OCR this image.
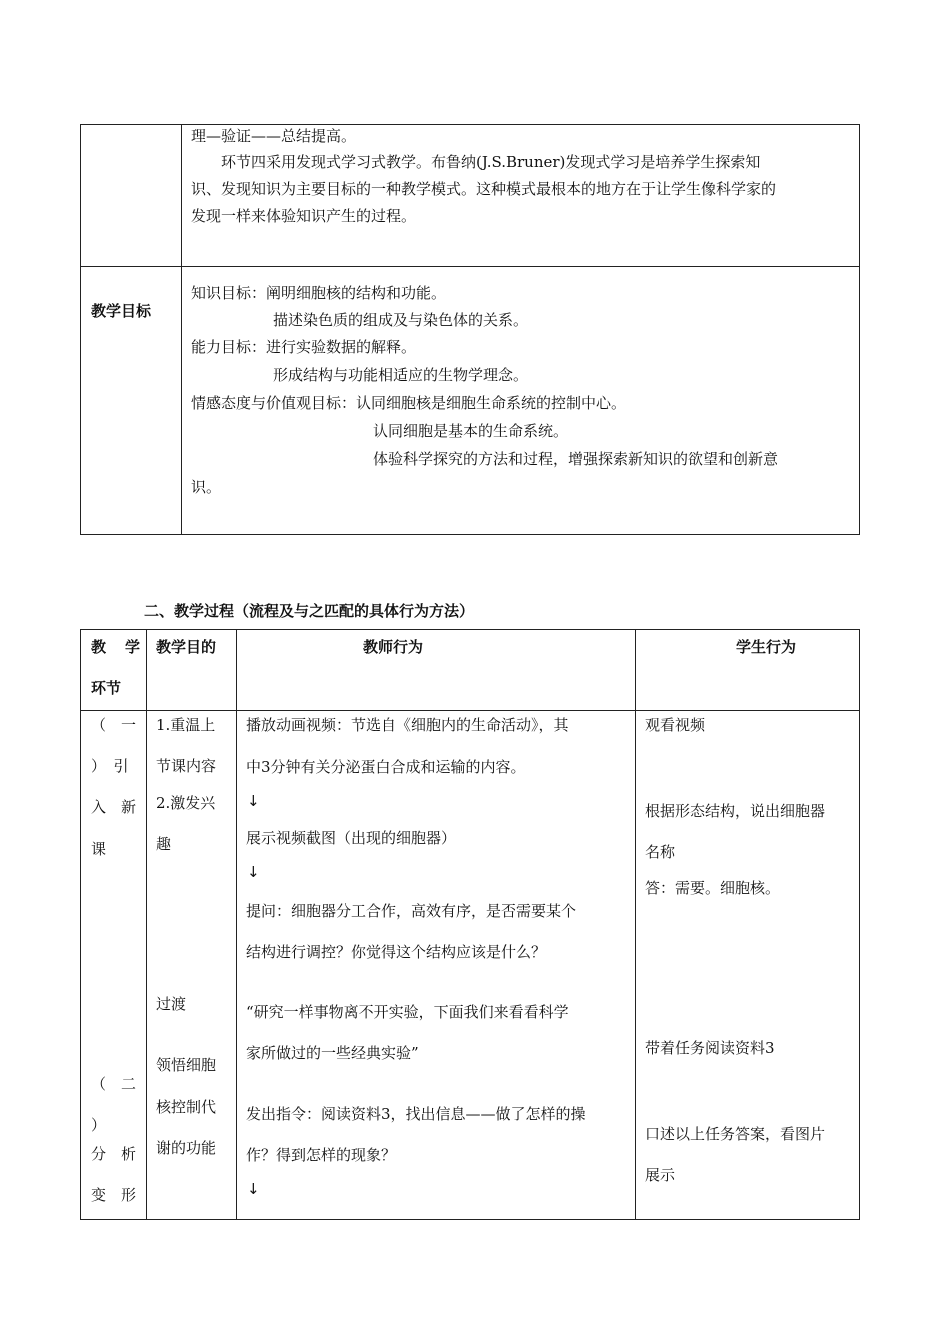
理—验证——总结提高。
环节四采用发现式学习式教学。布鲁纳(J.S.Bruner)发现式学习是培养学生探索知
识、发现知识为主要目标的一种教学模式。这种模式最根本的地方在于让学生像科学家的
发现一样来体验知识产生的过程。
教学目标
知识目标：阐明细胞核的结构和功能。
描述染色质的组成及与染色体的关系。
能力目标：进行实验数据的解释。
形成结构与功能相适应的生物学理念。
情感态度与价值观目标：认同细胞核是细胞生命系统的控制中心。
认同细胞是基本的生命系统。
体验科学探究的方法和过程，增强探索新知识的欲望和创新意
识。
二、教学过程（流程及与之匹配的具体行为方法）
教　学
环节
教学目的	教师行为	学生行为
（　一
）　引
入　新
课
（　二
）
分　析
变　形
1.重温上
节课内容
2.激发兴
趣
过渡
领悟细胞
核控制代
谢的功能
播放动画视频：节选自《细胞内的生命活动》，其
中3分钟有关分泌蛋白合成和运输的内容。
↓
展示视频截图（出现的细胞器）
↓
提问：细胞器分工合作，高效有序，是否需要某个
结构进行调控？你觉得这个结构应该是什么？
“研究一样事物离不开实验，下面我们来看看科学
家所做过的一些经典实验”
发出指令：阅读资料3，找出信息——做了怎样的操
作？得到怎样的现象？
↓
观看视频
根据形态结构，说出细胞器
名称
答：需要。细胞核。
带着任务阅读资料3
口述以上任务答案，看图片
展示
